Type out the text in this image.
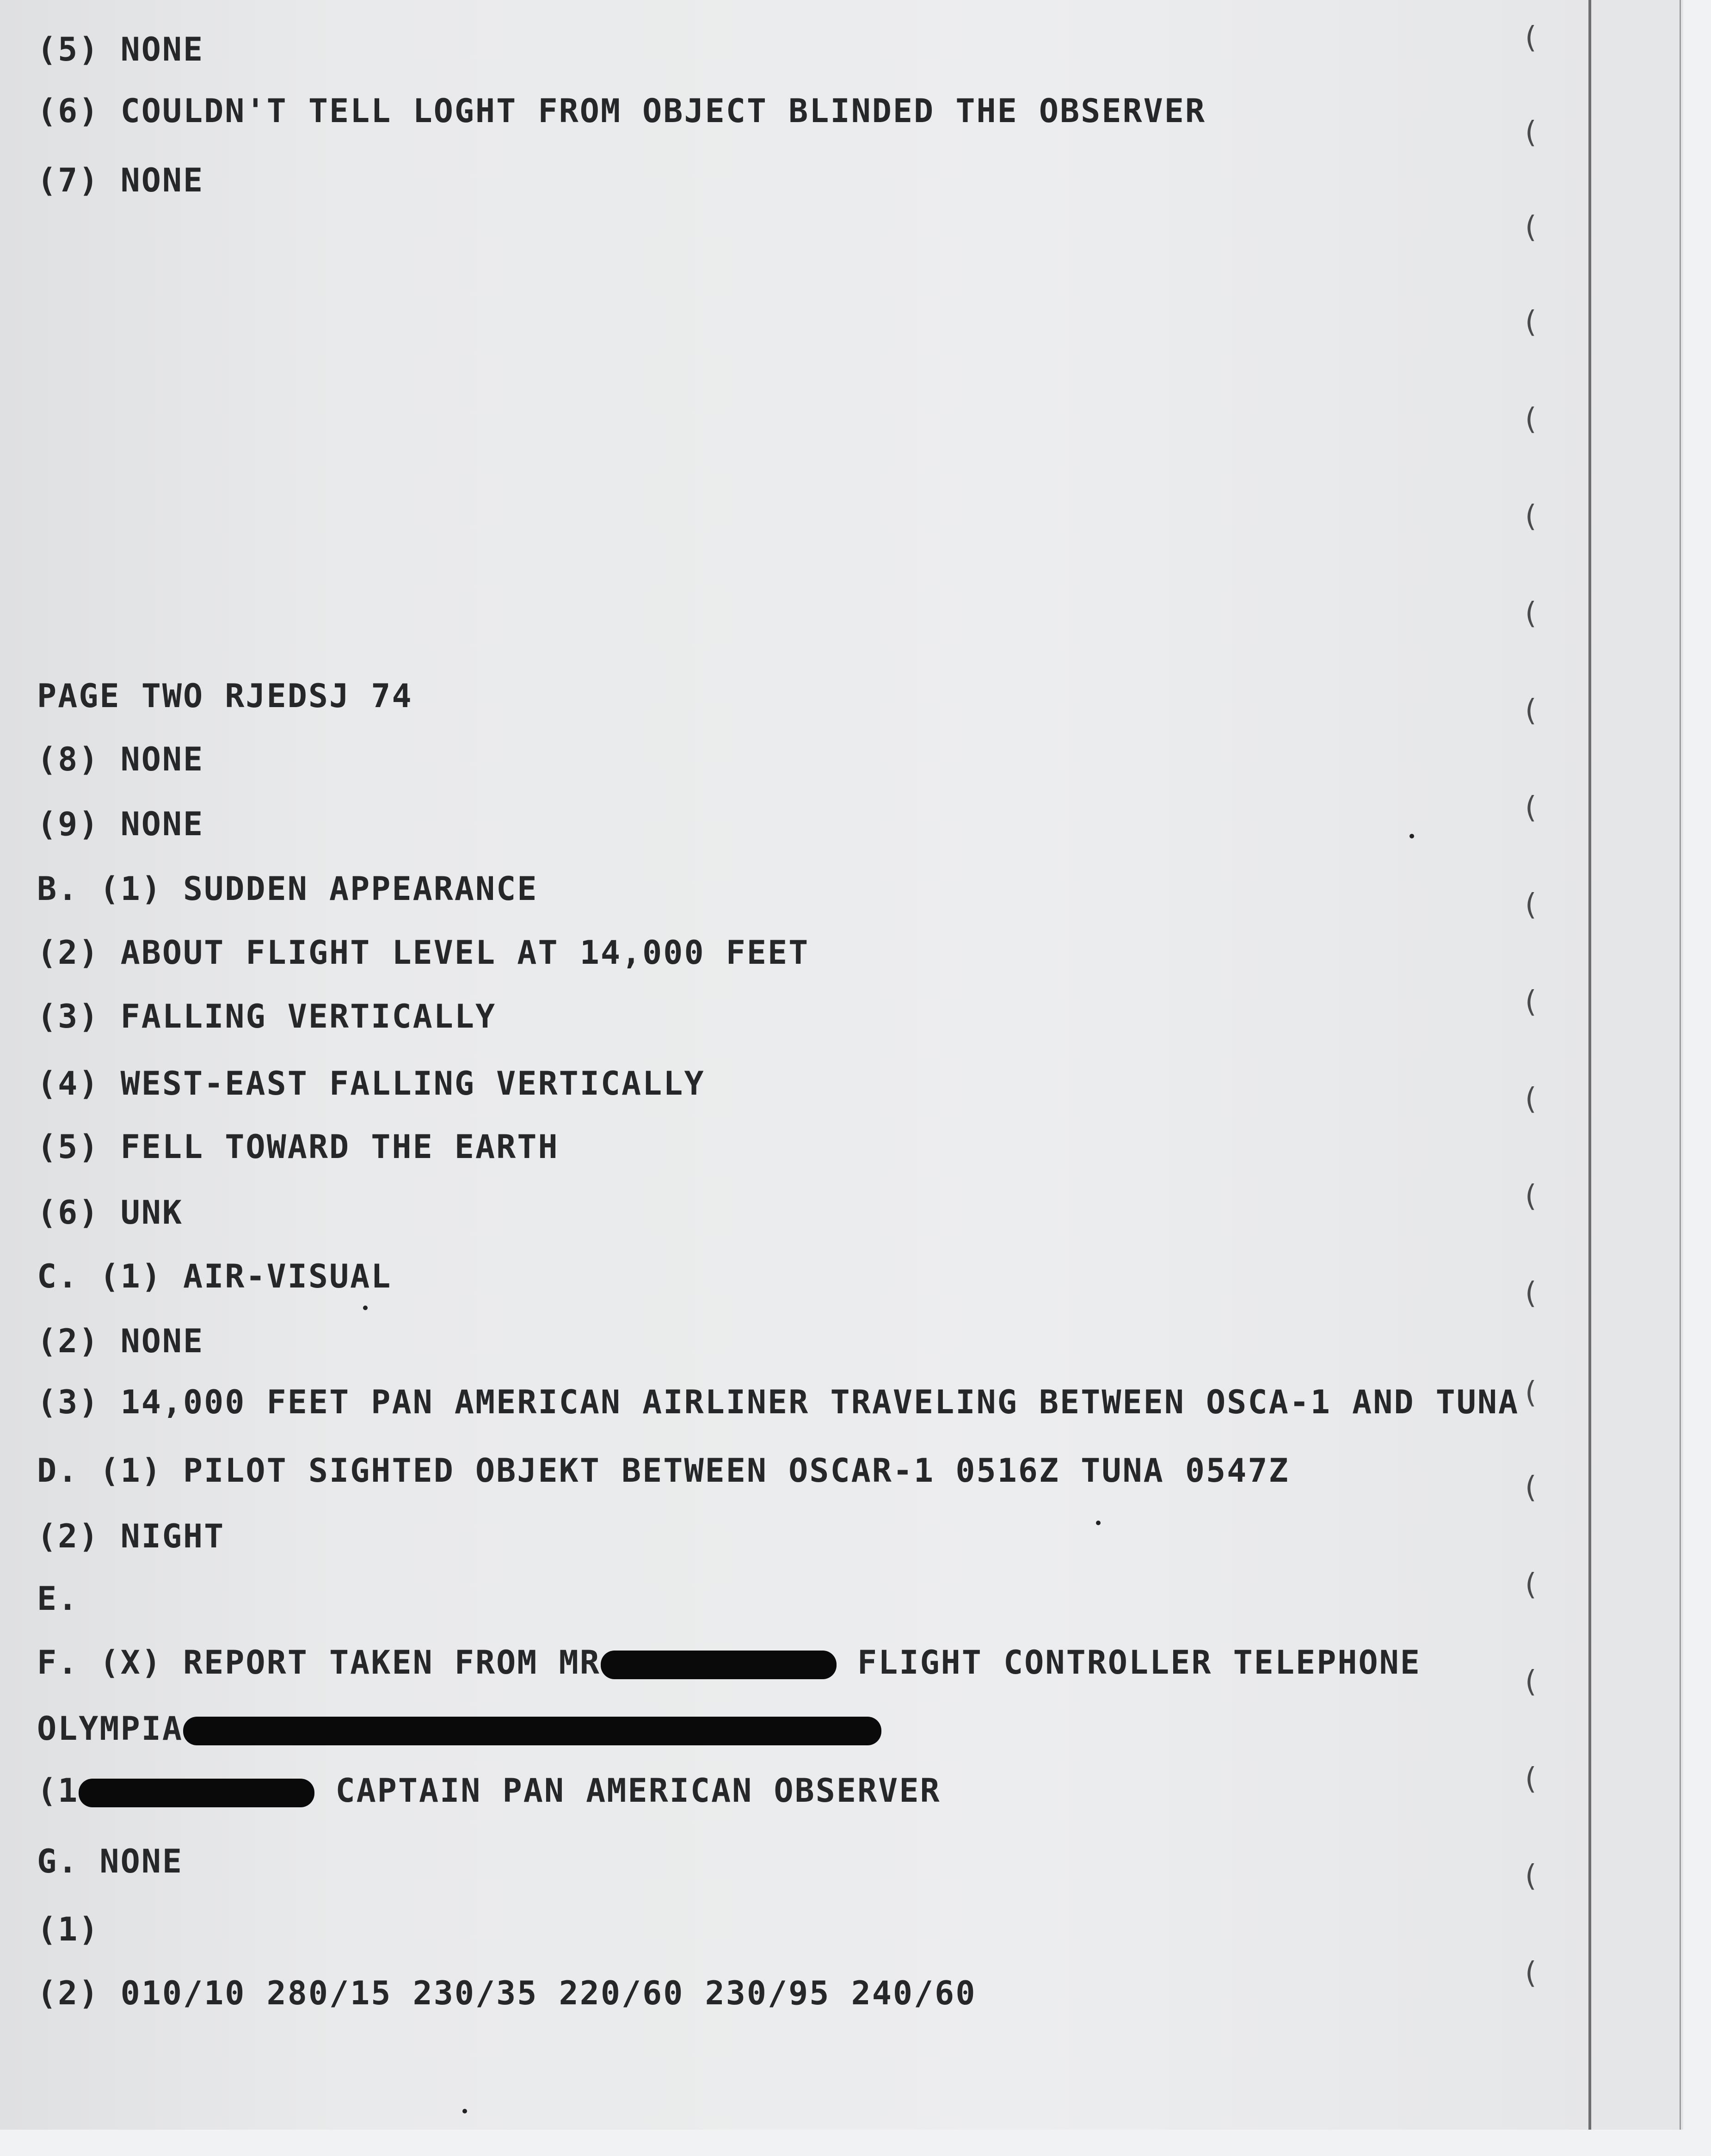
(5) NONE
(6) COULDN'T TELL LOGHT FROM OBJECT BLINDED THE OBSERVER
(7) NONE
PAGE TWO RJEDSJ 74
(8) NONE
(9) NONE
B. (1) SUDDEN APPEARANCE
(2) ABOUT FLIGHT LEVEL AT 14,000 FEET
(3) FALLING VERTICALLY
(4) WEST-EAST FALLING VERTICALLY
(5) FELL TOWARD THE EARTH
(6) UNK
C. (1) AIR-VISUAL
(2) NONE
(3) 14,000 FEET PAN AMERICAN AIRLINER TRAVELING BETWEEN OSCA-1 AND TUNA
D. (1) PILOT SIGHTED OBJEKT BETWEEN OSCAR-1 0516Z TUNA 0547Z
(2) NIGHT
E.
F. (X) REPORT TAKEN FROM MR	FLIGHT CONTROLLER TELEPHONE
OLYMPIA
(1	CAPTAIN PAN AMERICAN OBSERVER
G. NONE
(1)
(2) 010/10 280/15 230/35 220/60 230/95 240/60
(
(
(
(
(
(
(
(
(
(
(
(
(
(
(
(
(
(
(
(
(
